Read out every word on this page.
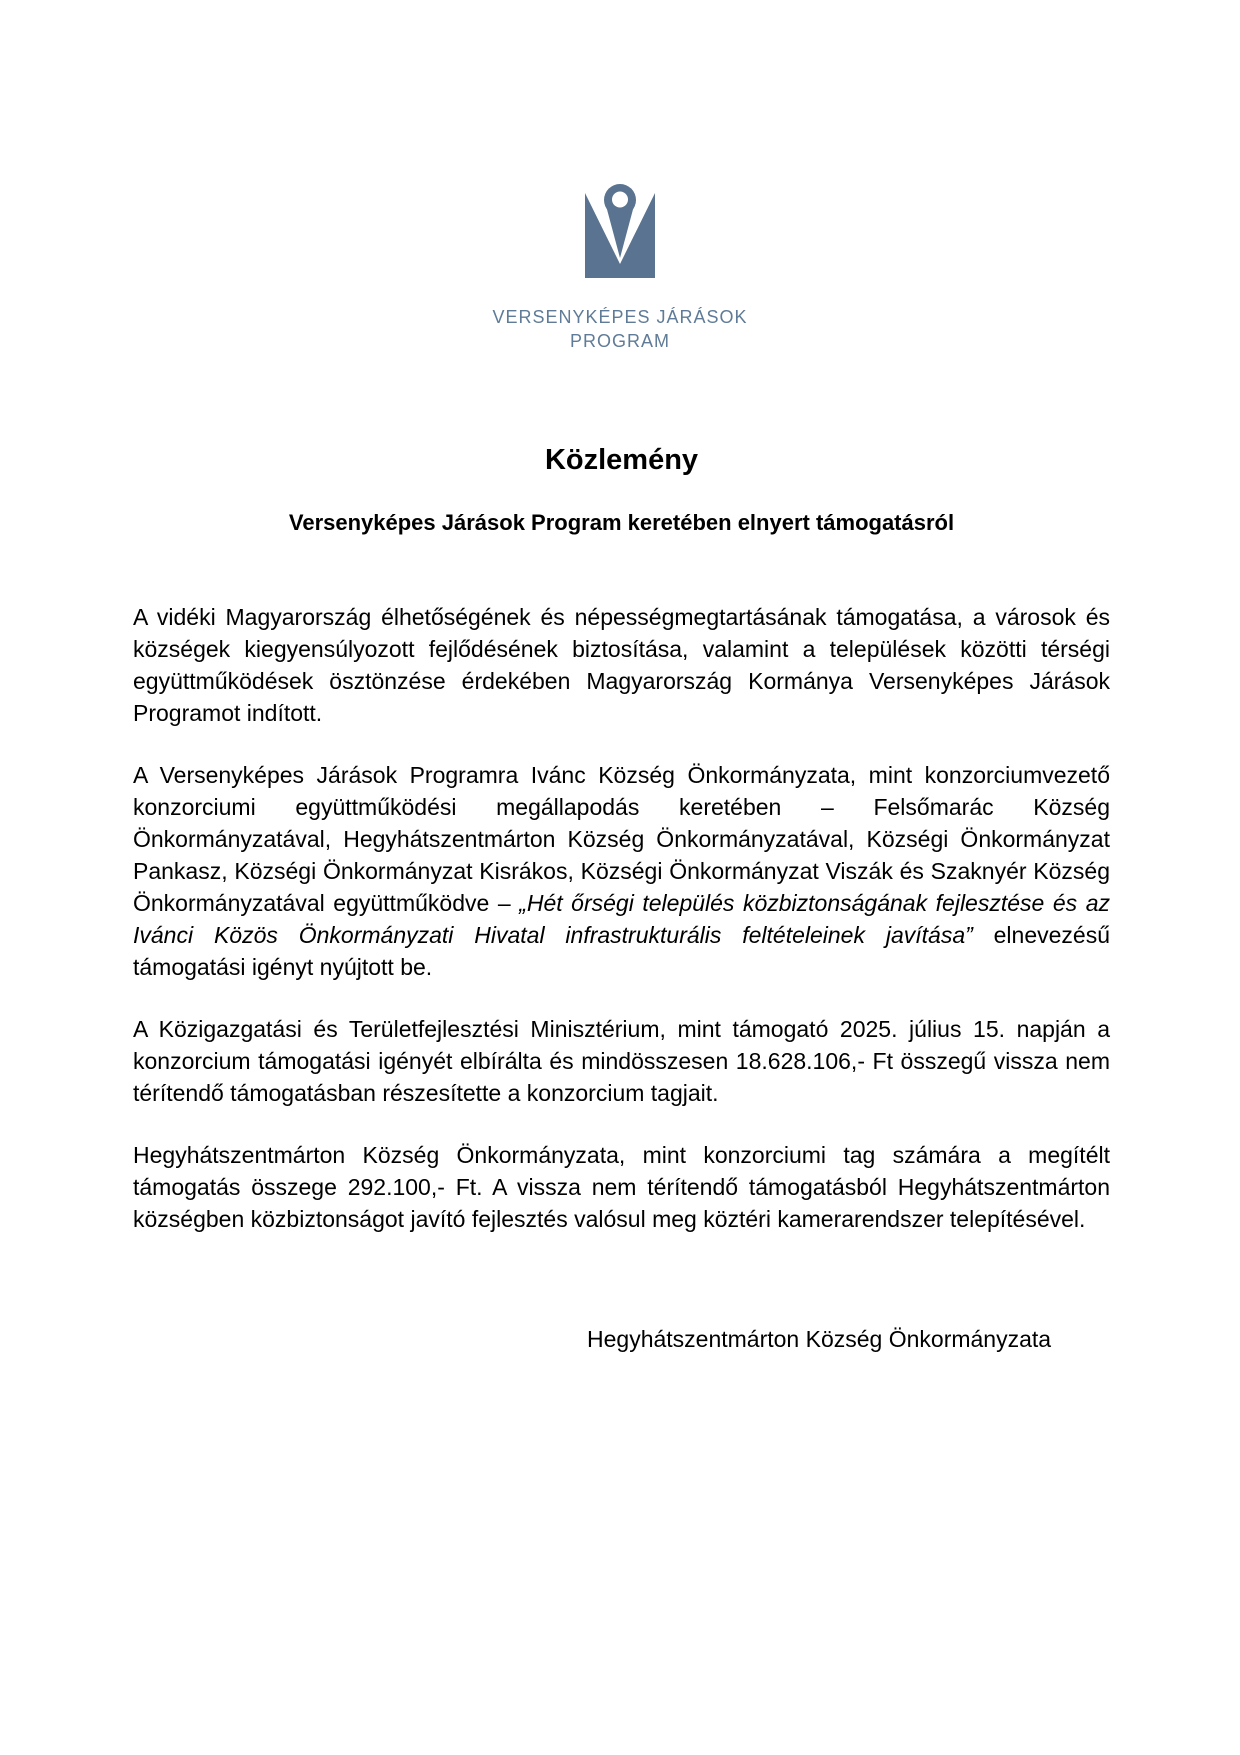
VERSENYKÉPES JÁRÁSOK
PROGRAM
Közlemény
Versenyképes Járások Program keretében elnyert támogatásról

A vidéki Magyarország élhetőségének és népességmegtartásának támogatása, a városok és községek kiegyensúlyozott fejlődésének biztosítása, valamint a települések közötti térségi együttműködések ösztönzése érdekében Magyarország Kormánya Versenyképes Járások Programot indított.

A Versenyképes Járások Programra Ivánc Község Önkormányzata, mint konzorciumvezető konzorciumi együttműködési megállapodás keretében – Felsőmarác Község Önkormányzatával, Hegyhátszentmárton Község Önkormányzatával, Községi Önkormányzat Pankasz, Községi Önkormányzat Kisrákos, Községi Önkormányzat Viszák és Szaknyér Község Önkormányzatával együttműködve – „Hét őrségi település közbiztonságának fejlesztése és az Ivánci Közös Önkormányzati Hivatal infrastrukturális feltételeinek javítása” elnevezésű támogatási igényt nyújtott be.

A Közigazgatási és Területfejlesztési Minisztérium, mint támogató 2025. július 15. napján a konzorcium támogatási igényét elbírálta és mindösszesen 18.628.106,- Ft összegű vissza nem térítendő támogatásban részesítette a konzorcium tagjait.

Hegyhátszentmárton Község Önkormányzata, mint konzorciumi tag számára a megítélt támogatás összege 292.100,- Ft. A vissza nem térítendő támogatásból Hegyhátszentmárton községben közbiztonságot javító fejlesztés valósul meg köztéri kamerarendszer telepítésével.

Hegyhátszentmárton Község Önkormányzata
